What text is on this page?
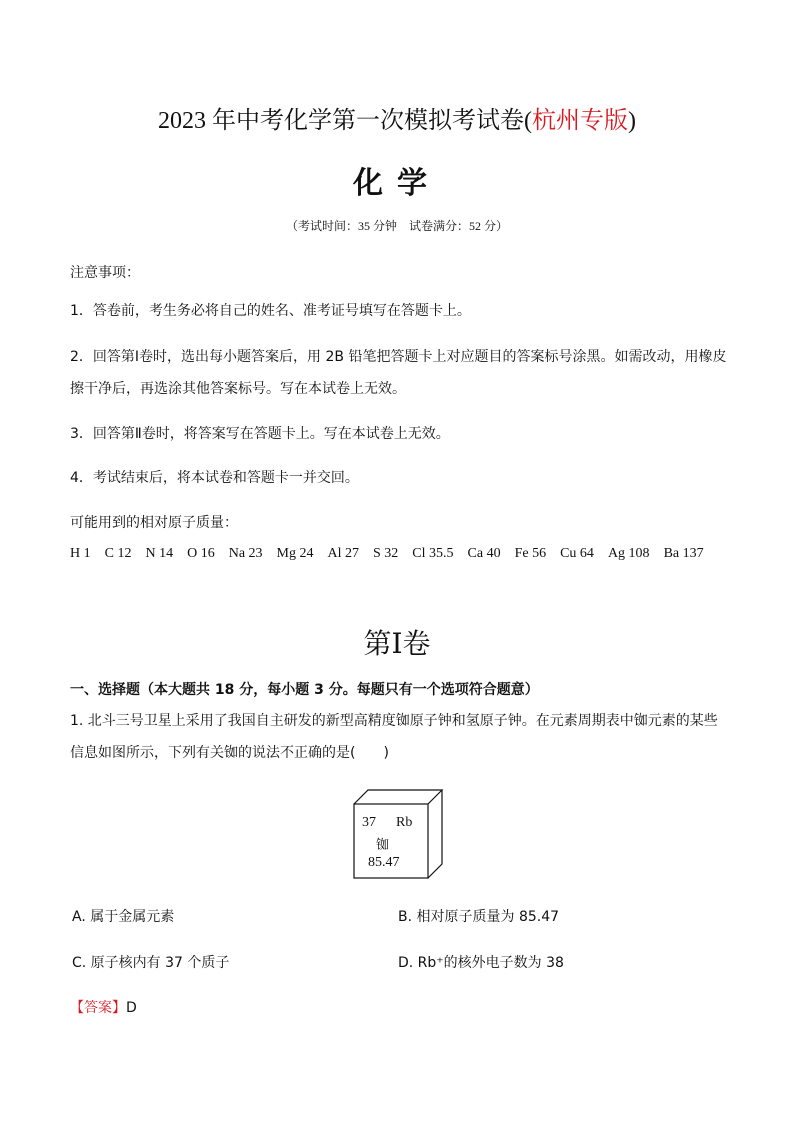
2023 年中考化学第一次模拟考试卷(杭州专版)
化学
（考试时间：35 分钟　试卷满分：52 分）
注意事项：
1．答卷前，考生务必将自己的姓名、准考证号填写在答题卡上。
2．回答第Ⅰ卷时，选出每小题答案后，用 2B 铅笔把答题卡上对应题目的答案标号涂黑。如需改动，用橡皮擦干净后，再选涂其他答案标号。写在本试卷上无效。
3．回答第Ⅱ卷时，将答案写在答题卡上。写在本试卷上无效。
4．考试结束后，将本试卷和答题卡一并交回。
可能用到的相对原子质量：
H 1 C 12 N 14 O 16 Na 23 Mg 24 Al 27 S 32 Cl 35.5 Ca 40 Fe 56 Cu 64 Ag 108 Ba 137
第Ⅰ卷
一、选择题（本大题共 18 分，每小题 3 分。每题只有一个选项符合题意）
1. 北斗三号卫星上采用了我国自主研发的新型高精度铷原子钟和氢原子钟。在元素周期表中铷元素的某些信息如图所示，下列有关铷的说法不正确的是(　　)
37 Rb
铷
85.47
A. 属于金属元素	B. 相对原子质量为 85.47
C. 原子核内有 37 个质子	D. Rb⁺的核外电子数为 38
【答案】D
